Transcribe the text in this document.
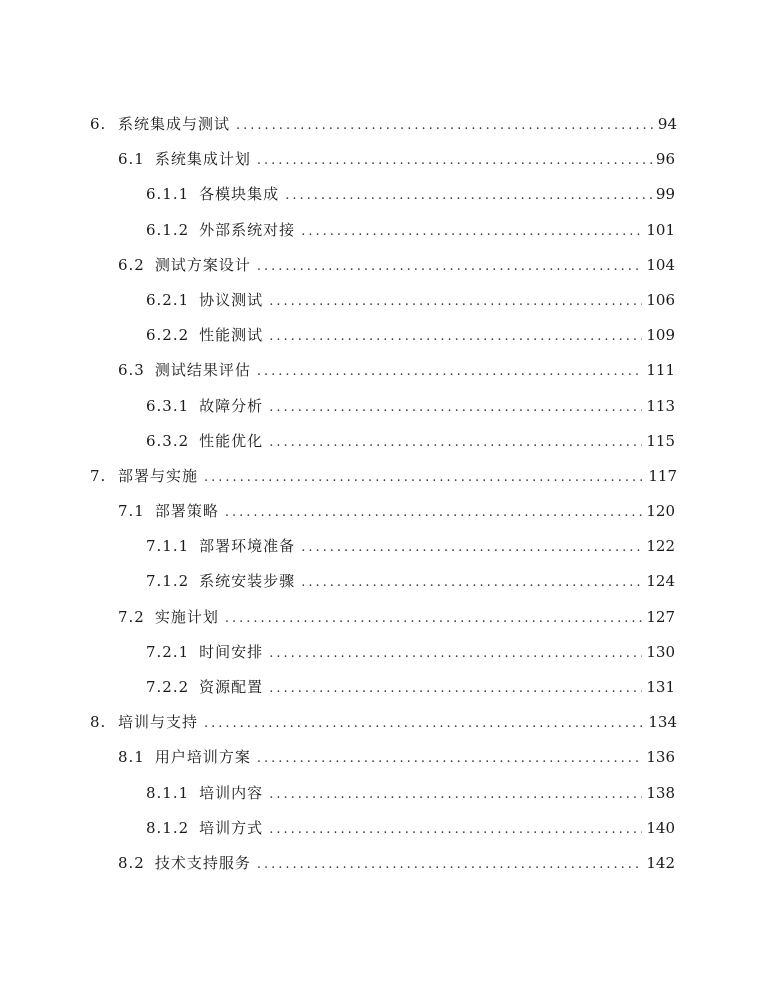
6. 系统集成与测试 .....	94
6.1 系统集成计划 .....	96
6.1.1 各模块集成 .....	99
6.1.2 外部系统对接 .....	101
6.2 测试方案设计 .....	104
6.2.1 协议测试 .....	106
6.2.2 性能测试 .....	109
6.3 测试结果评估 .....	111
6.3.1 故障分析 .....	113
6.3.2 性能优化 .....	115
7. 部署与实施 .....	117
7.1 部署策略 .....	120
7.1.1 部署环境准备 .....	122
7.1.2 系统安装步骤 .....	124
7.2 实施计划 .....	127
7.2.1 时间安排 .....	130
7.2.2 资源配置 .....	131
8. 培训与支持 .....	134
8.1 用户培训方案 .....	136
8.1.1 培训内容 .....	138
8.1.2 培训方式 .....	140
8.2 技术支持服务 .....	142
